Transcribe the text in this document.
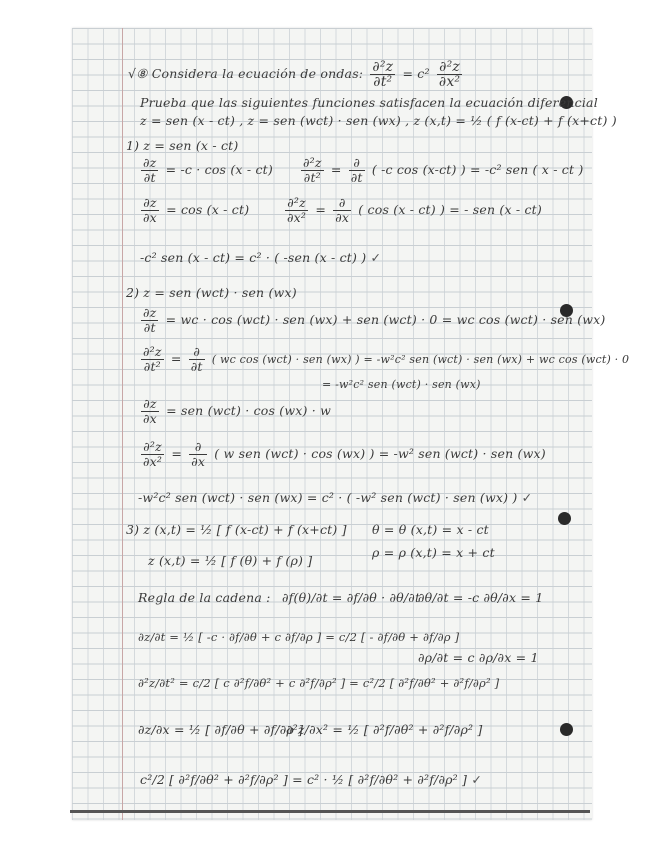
√⑧ Considera la ecuación de ondas: $\frac{\text{∂²z}}{\text{∂t²}} = c^2 \frac{\text{∂²z}}{\text{∂x²}}$
Prueba que las siguientes funciones satisfacen la ecuación diferencial
z = sen (x - ct) , z = sen (wct) · sen (wx) , z (x,t) = ½ ( f (x-ct) + f (x+ct) )
1) z = sen (x - ct)
$\frac{\partial z}{\partial t} = -c \cdot \cos (x - ct) \frac{\text{∂²z}}{\text{∂t²}} = \frac{\partial}{\partial t}$ ( -c cos (x-ct) ) = -c² sen ( x - ct )
$\frac{\partial z}{\partial x} = \cos (x - ct)$	$\frac{\text{∂²z}}{\text{∂x²}} = \frac{\partial}{\partial x}$ ( cos (x - ct) ) = - sen (x - ct)
-c² sen (x - ct) = c² · ( -sen (x - ct) ) ✓
2) z = sen (wct) · sen (wx)
$\frac{\partial z}{\partial t}$ = wc · cos (wct) · sen (wx) + sen (wct) · 0 = wc cos (wct) · sen (wx)
$\frac{\text{∂²z}}{\text{∂t²}} = \frac{\partial}{\partial t}$ ( wc cos (wct) · sen (wx) ) = -w²c² sen (wct) · sen (wx) + wc cos (wct) · 0
= -w²c² sen (wct) · sen (wx)
$\frac{\partial z}{\partial x}$ = sen (wct) · cos (wx) · w
$\frac{\text{∂²z}}{\text{∂x²}} = \frac{\partial}{\partial x}$ ( w sen (wct) · cos (wx) ) = -w² sen (wct) · sen (wx)
-w²c² sen (wct) · sen (wx) = c² · ( -w² sen (wct) · sen (wx) ) ✓
3) z (x,t) = ½ [ f (x-ct) + f (x+ct) ] θ = θ (x,t) = x - ct
z (x,t) = ½ [ f (θ) + f (ρ) ]
ρ = ρ (x,t) = x + ct
Regla de la cadena : ∂f(θ)/∂t = ∂f/∂θ · ∂θ/∂t
∂θ/∂t = -c ∂θ/∂x = 1
∂z/∂t = ½ [ -c · ∂f/∂θ + c ∂f/∂ρ ] = c/2 [ - ∂f/∂θ + ∂f/∂ρ ]
∂ρ/∂t = c ∂ρ/∂x = 1
∂²z/∂t² = c/2 [ c ∂²f/∂θ² + c ∂²f/∂ρ² ] = c²/2 [ ∂²f/∂θ² + ∂²f/∂ρ² ]
∂z/∂x = ½ [ ∂f/∂θ + ∂f/∂ρ ]
∂²z/∂x² = ½ [ ∂²f/∂θ² + ∂²f/∂ρ² ]
c²/2 [ ∂²f/∂θ² + ∂²f/∂ρ² ] = c² · ½ [ ∂²f/∂θ² + ∂²f/∂ρ² ] ✓
